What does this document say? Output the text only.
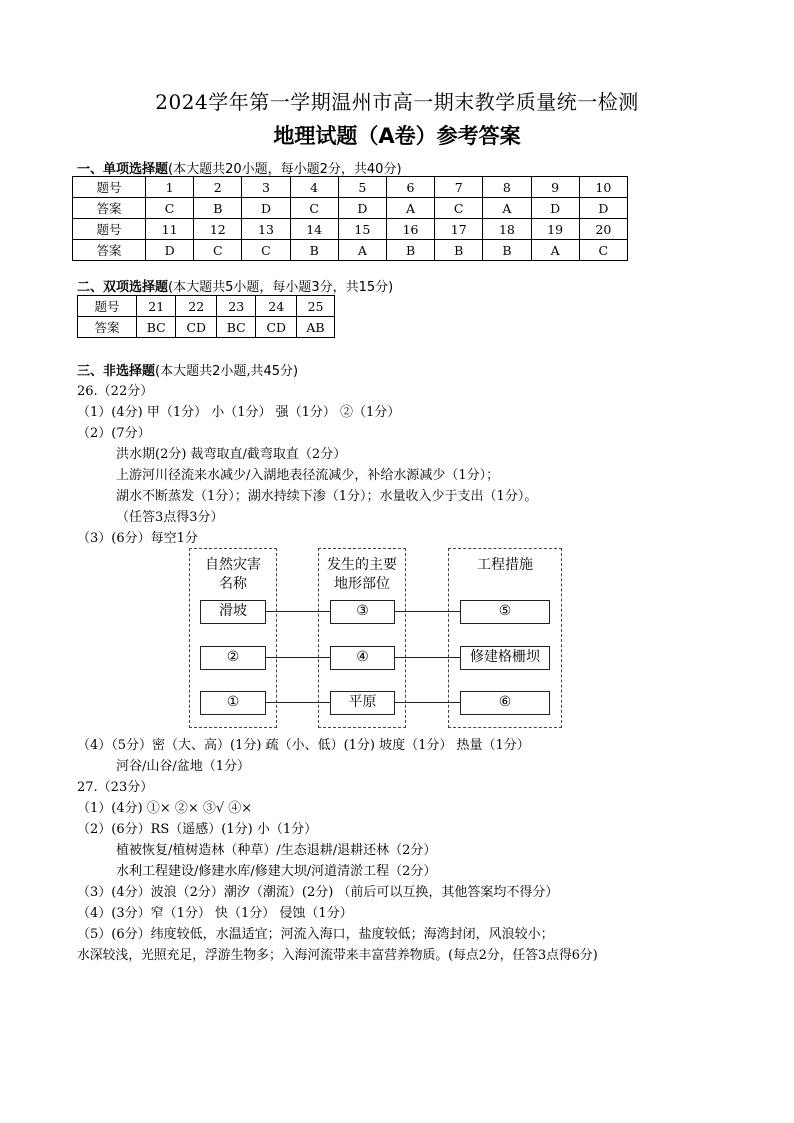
2024学年第一学期温州市高一期末教学质量统一检测
地理试题（A卷）参考答案
一、单项选择题(本大题共20小题，每小题2分，共40分)
题号	1	2	3	4	5	6	7	8	9	10
答案	C	B	D	C	D	A	C	A	D	D
题号	11	12	13	14	15	16	17	18	19	20
答案	D	C	C	B	A	B	B	B	A	C
二、双项选择题(本大题共5小题，每小题3分，共15分)
题号	21	22	23	24	25
答案	BC	CD	BC	CD	AB
三、非选择题(本大题共2小题,共45分)
26.（22分）
（1）(4分) 甲（1分） 小（1分） 强（1分） ②（1分）
（2）(7分）
洪水期(2分) 裁弯取直/截弯取直（2分）
上游河川径流来水减少/入湖地表径流减少，补给水源减少（1分）；
湖水不断蒸发（1分）；湖水持续下渗（1分）；水量收入少于支出（1分）。
（任答3点得3分）
（3）(6分）每空1分
自然灾害
名称
发生的主要
地形部位
工程措施
滑坡	③	⑤
②	④	修建格栅坝
①	平原	⑥
（4）（5分）密（大、高）(1分) 疏（小、低）(1分) 坡度（1分） 热量（1分）
河谷/山谷/盆地（1分）
27.（23分）
（1）(4分) ①× ②× ③√ ④×
（2）(6分）RS（遥感）(1分) 小（1分）
植被恢复/植树造林（种草）/生态退耕/退耕还林（2分）
水利工程建设/修建水库/修建大坝/河道清淤工程（2分）
（3）(4分）波浪（2分）潮汐（潮流）(2分) （前后可以互换，其他答案均不得分）
（4）(3分）窄（1分） 快（1分） 侵蚀（1分）
（5）(6分）纬度较低，水温适宜；河流入海口，盐度较低；海湾封闭，风浪较小；
水深较浅，光照充足，浮游生物多；入海河流带来丰富营养物质。(每点2分，任答3点得6分)
